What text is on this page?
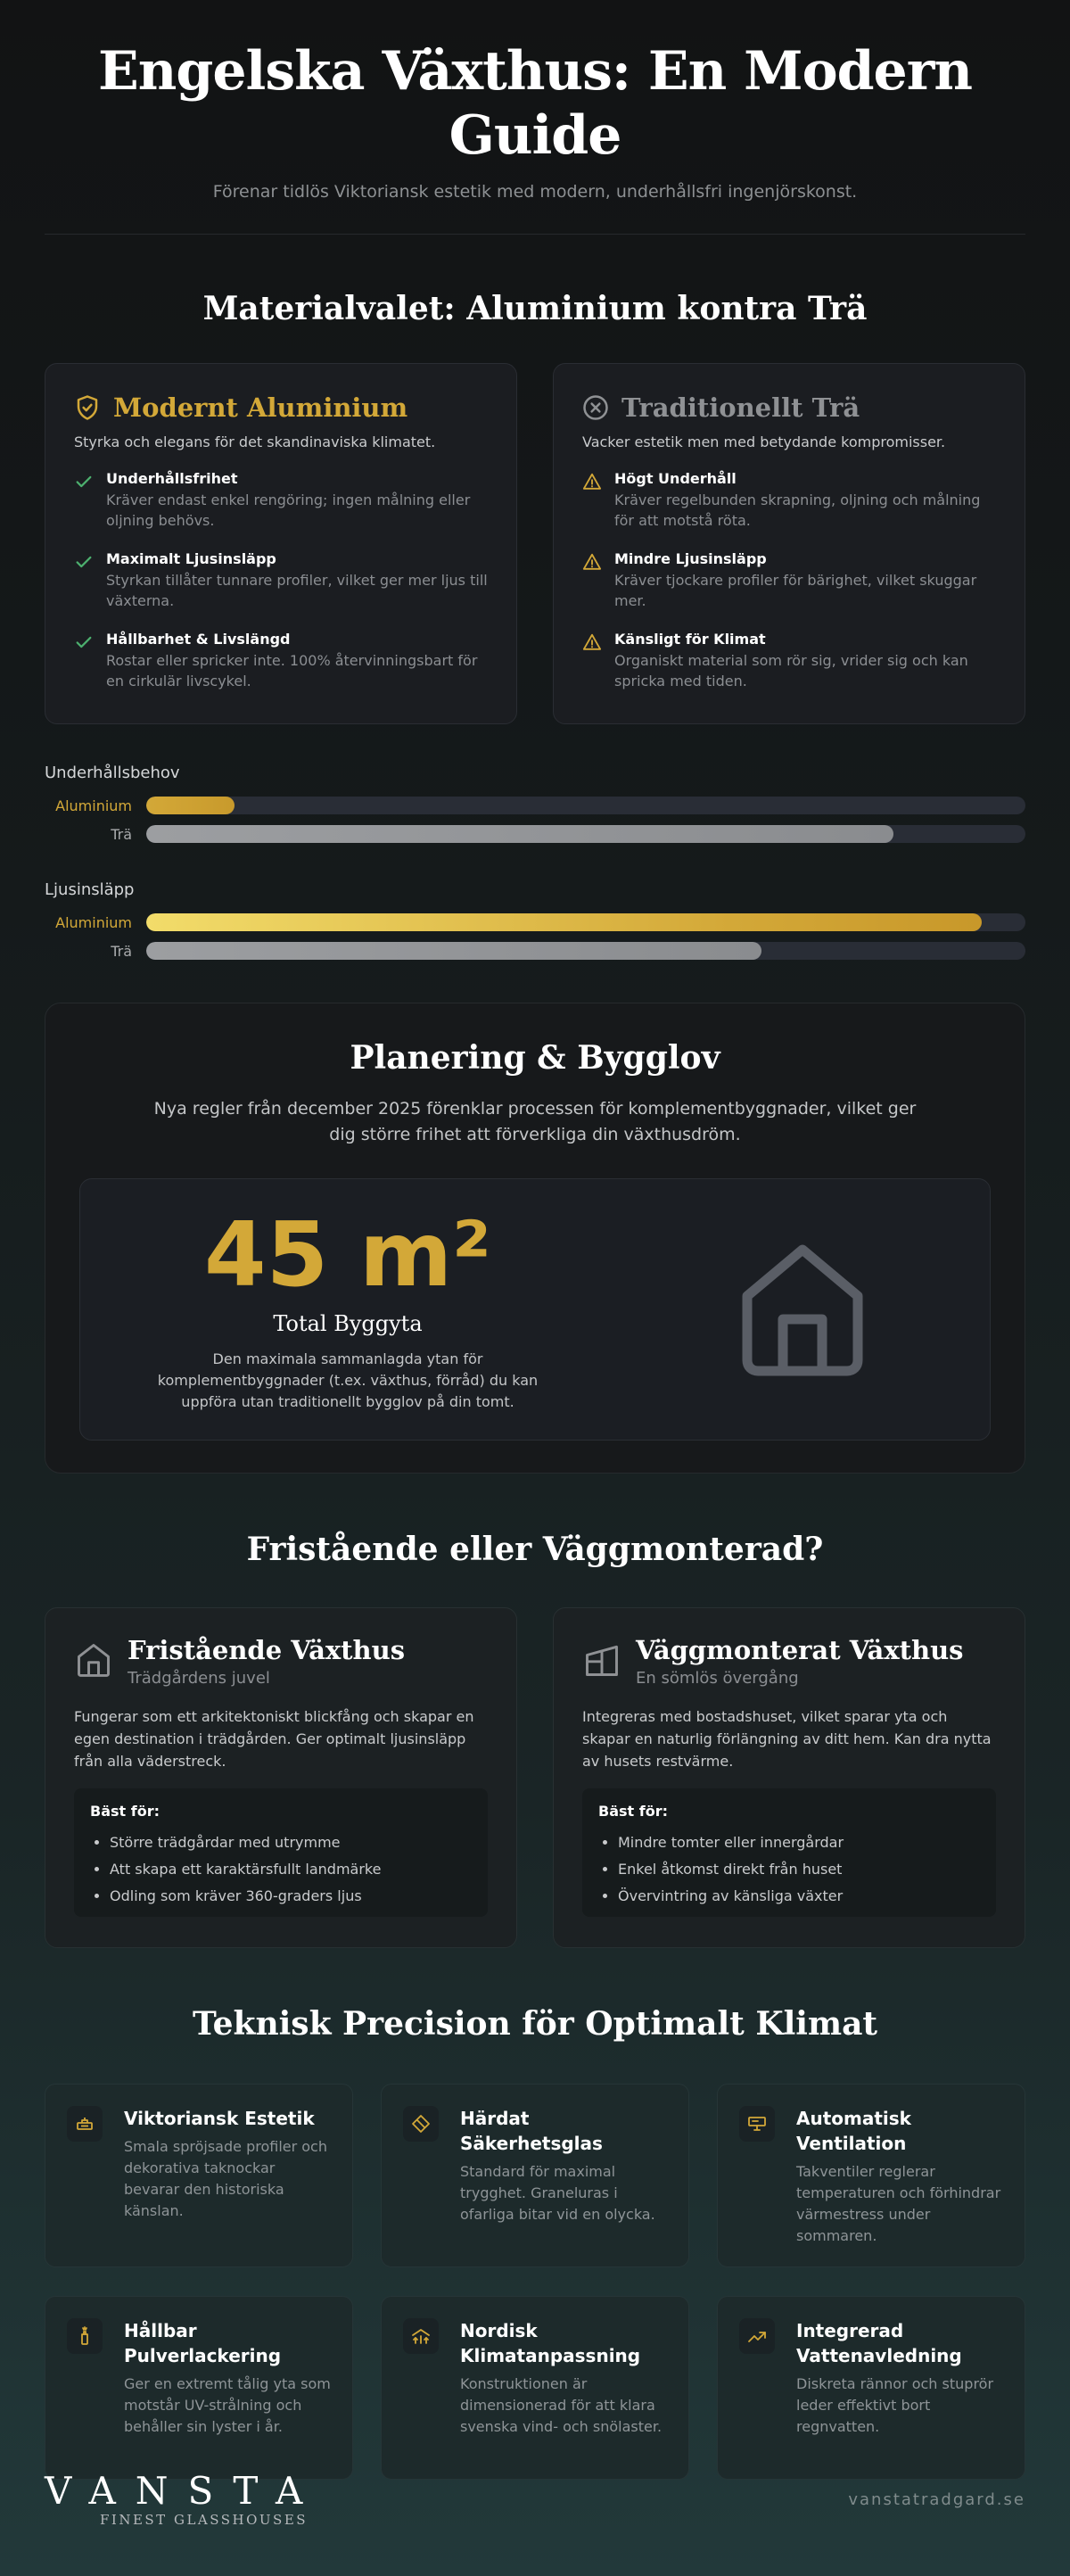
Engelska Växthus: En Modern Guide

Förenar tidlös Viktoriansk estetik med modern, underhållsfri ingenjörskonst.

Materialvalet: Aluminium kontra Trä
Modernt Aluminium
Styrka och elegans för det skandinaviska klimatet.
Underhållsfrihet
Kräver endast enkel rengöring; ingen målning eller oljning behövs.
Maximalt Ljusinsläpp
Styrkan tillåter tunnare profiler, vilket ger mer ljus till växterna.
Hållbarhet & Livslängd
Rostar eller spricker inte. 100% återvinningsbart för en cirkulär livscykel.
Traditionellt Trä
Vacker estetik men med betydande kompromisser.
Högt Underhåll
Kräver regelbunden skrapning, oljning och målning för att motstå röta.
Mindre Ljusinsläpp
Kräver tjockare profiler för bärighet, vilket skuggar mer.
Känsligt för Klimat
Organiskt material som rör sig, vrider sig och kan spricka med tiden.
Underhållsbehov
Aluminium
Trä
Ljusinsläpp
Aluminium
Trä
Planering & Bygglov

Nya regler från december 2025 förenklar processen för komplementbyggnader, vilket ger dig större frihet att förverkliga din växthusdröm.

45 m²
Total Byggyta
Den maximala sammanlagda ytan för komplementbyggnader (t.ex. växthus, förråd) du kan uppföra utan traditionellt bygglov på din tomt.
Fristående eller Väggmonterad?
Fristående Växthus
Trädgårdens juvel
Fungerar som ett arkitektoniskt blickfång och skapar en egen destination i trädgården. Ger optimalt ljusinsläpp från alla väderstreck.
Bäst för:
• Större trädgårdar med utrymme
• Att skapa ett karaktärsfullt landmärke
• Odling som kräver 360-graders ljus
Väggmonterat Växthus
En sömlös övergång
Integreras med bostadshuset, vilket sparar yta och skapar en naturlig förlängning av ditt hem. Kan dra nytta av husets restvärme.
Bäst för:
• Mindre tomter eller innergårdar
• Enkel åtkomst direkt från huset
• Övervintring av känsliga växter
Teknisk Precision för Optimalt Klimat
Viktoriansk Estetik
Smala spröjsade profiler och dekorativa taknockar bevarar den historiska känslan.
Härdat Säkerhetsglas
Standard för maximal trygghet. Graneluras i ofarliga bitar vid en olycka.
Automatisk Ventilation
Takventiler reglerar temperaturen och förhindrar värmestress under sommaren.
Hållbar Pulverlackering
Ger en extremt tålig yta som motstår UV-strålning och behåller sin lyster i år.
Nordisk Klimatanpassning
Konstruktionen är dimensionerad för att klara svenska vind- och snölaster.
Integrerad Vattenavledning
Diskreta rännor och stuprör leder effektivt bort regnvatten.
VANSTA
FINEST GLASSHOUSES
vanstatradgard.se
